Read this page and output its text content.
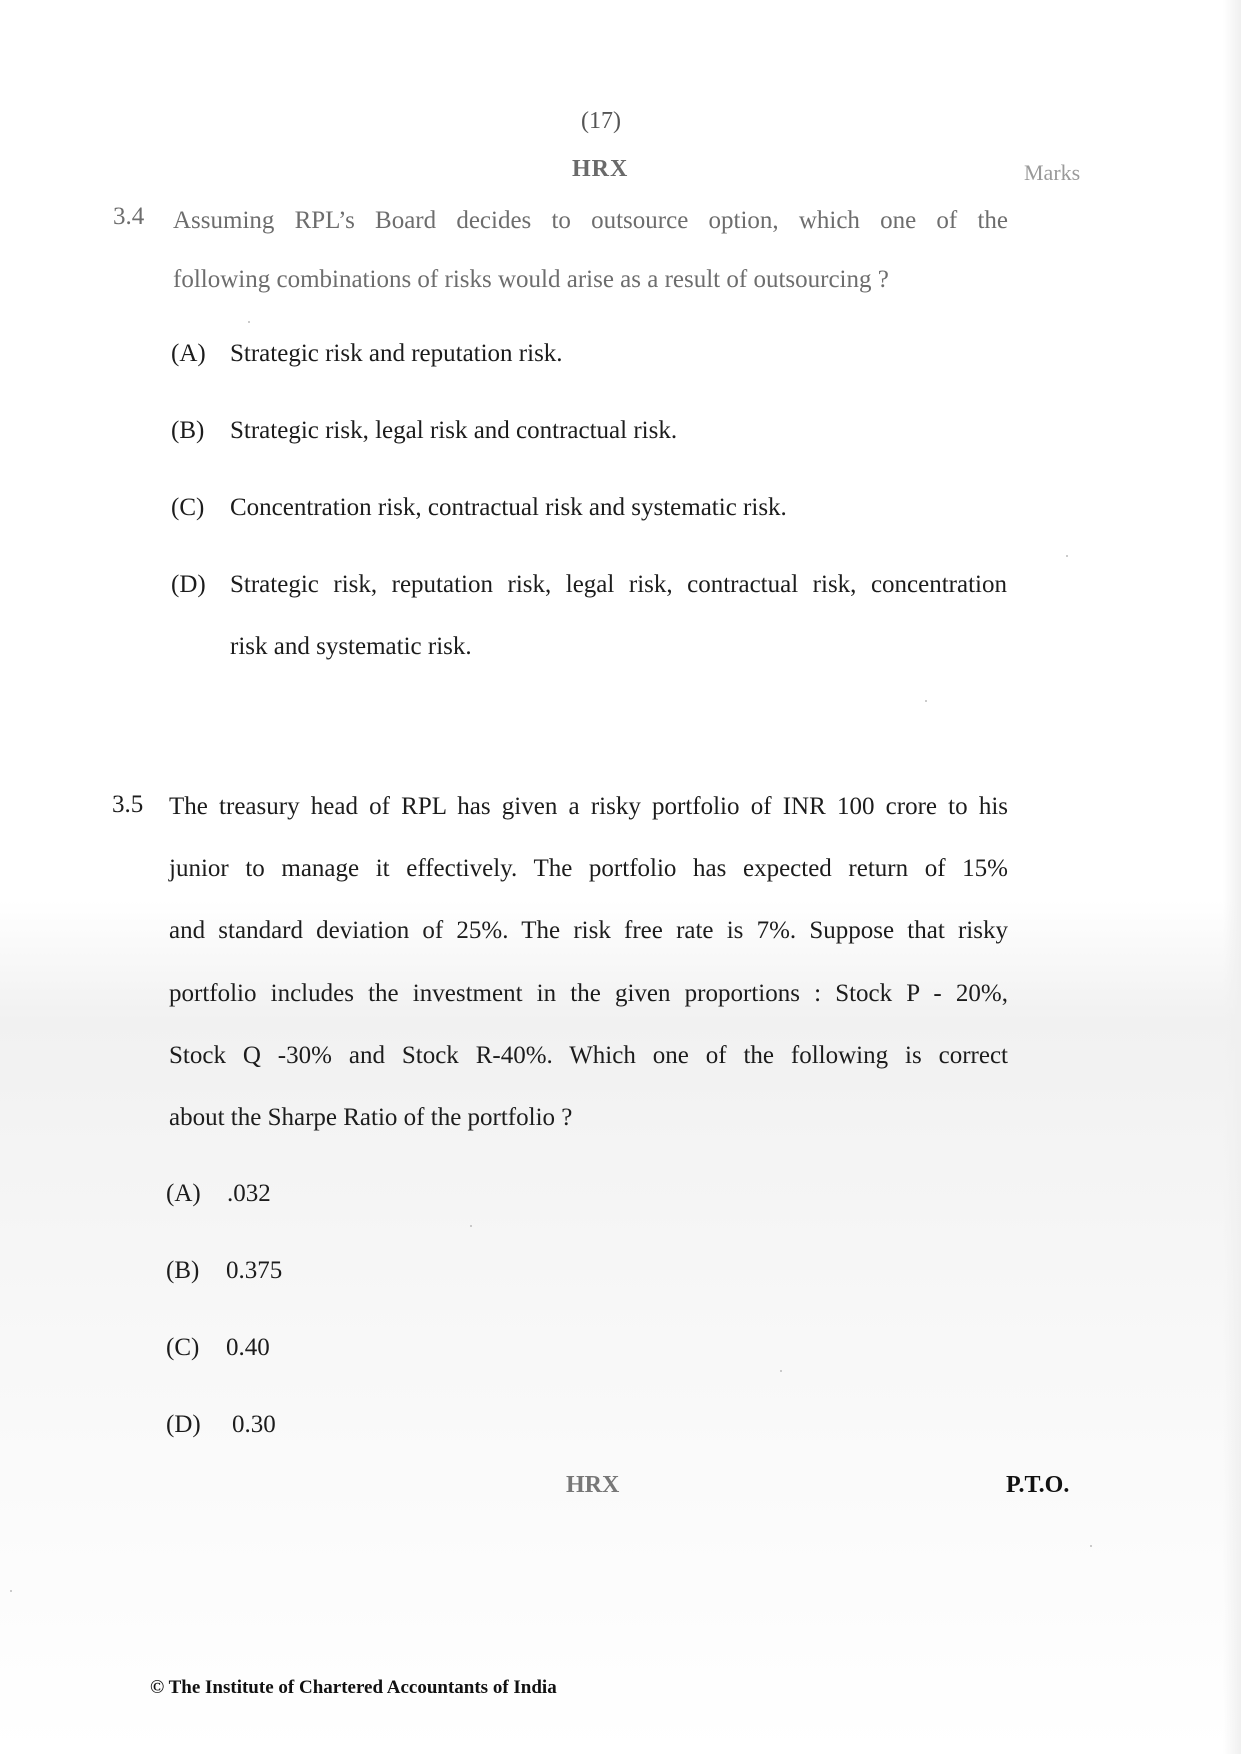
(17)
HRX	Marks
3.4 Assuming RPL’s Board decides to outsource option, which one of the
following combinations of risks would arise as a result of outsourcing ?
(A) Strategic risk and reputation risk.
(B) Strategic risk, legal risk and contractual risk.
(C) Concentration risk, contractual risk and systematic risk.
(D) Strategic risk, reputation risk, legal risk, contractual risk, concentration
risk and systematic risk.
3.5 The treasury head of RPL has given a risky portfolio of INR 100 crore to his
junior to manage it effectively. The portfolio has expected return of 15%
and standard deviation of 25%. The risk free rate is 7%. Suppose that risky
portfolio includes the investment in the given proportions : Stock P - 20%,
Stock Q -30% and Stock R-40%. Which one of the following is correct
about the Sharpe Ratio of the portfolio ?
(A) .032
(B) 0.375
(C) 0.40
(D) 0.30
HRX	P.T.O.
© The Institute of Chartered Accountants of India
